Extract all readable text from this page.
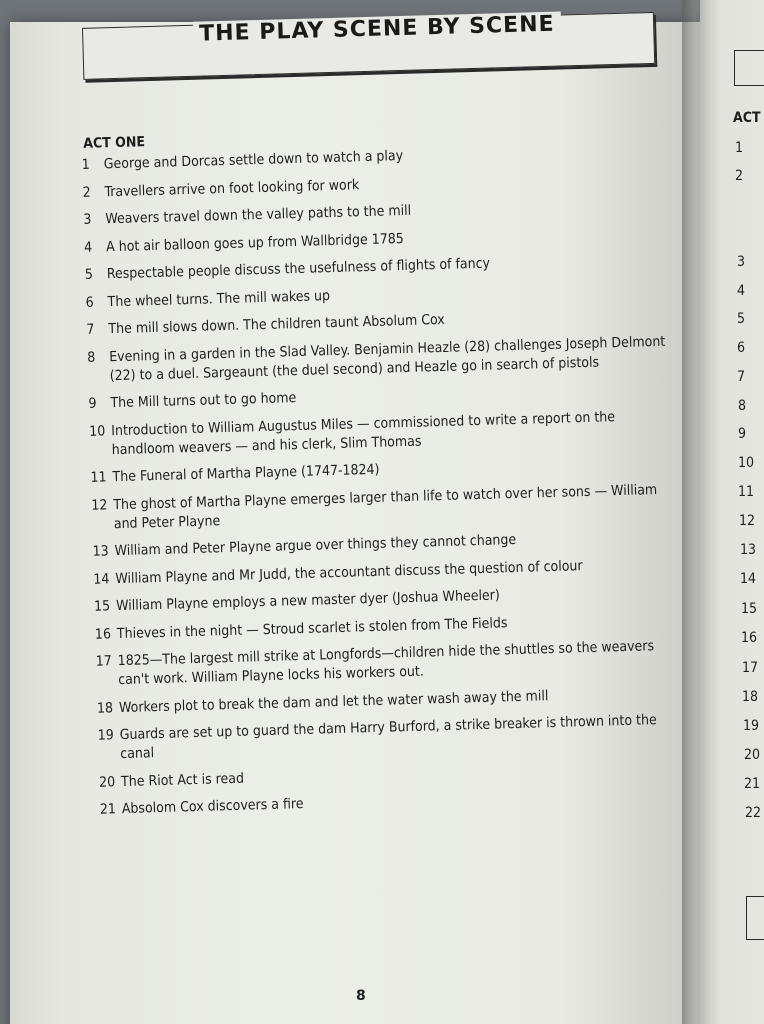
THE PLAY SCENE BY SCENE
ACT ONE
1 George and Dorcas settle down to watch a play
2 Travellers arrive on foot looking for work
3 Weavers travel down the valley paths to the mill
4 A hot air balloon goes up from Wallbridge 1785
5 Respectable people discuss the usefulness of flights of fancy
6 The wheel turns. The mill wakes up
7 The mill slows down. The children taunt Absolum Cox
8 Evening in a garden in the Slad Valley. Benjamin Heazle (28) challenges Joseph Delmont (22) to a duel. Sargeaunt (the duel second) and Heazle go in search of pistols
9 The Mill turns out to go home
10 Introduction to William Augustus Miles — commissioned to write a report on the handloom weavers — and his clerk, Slim Thomas
11 The Funeral of Martha Playne (1747-1824)
12 The ghost of Martha Playne emerges larger than life to watch over her sons — William and Peter Playne
13 William and Peter Playne argue over things they cannot change
14 William Playne and Mr Judd, the accountant discuss the question of colour
15 William Playne employs a new master dyer (Joshua Wheeler)
16 Thieves in the night — Stroud scarlet is stolen from The Fields
17 1825—The largest mill strike at Longfords—children hide the shuttles so the weavers can't work. William Playne locks his workers out.
18 Workers plot to break the dam and let the water wash away the mill
19 Guards are set up to guard the dam Harry Burford, a strike breaker is thrown into the canal
20 The Riot Act is read
21 Absolom Cox discovers a fire
8
ACT
1
2
3
4
5
6
7
8
9
10
11
12
13
14
15
16
17
18
19
20
21
22
